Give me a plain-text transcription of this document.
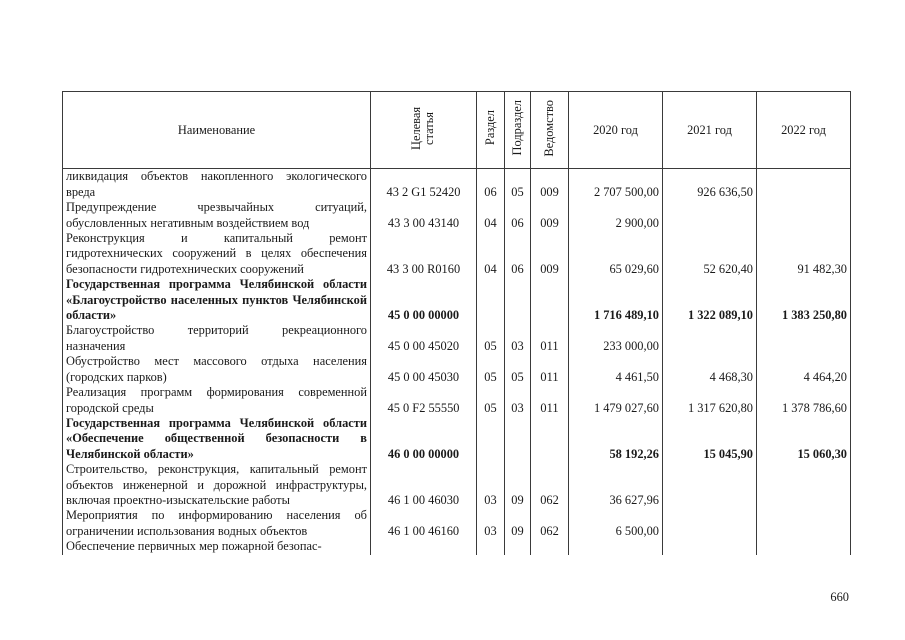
Наименование	Целевая статья	Раздел	Подраздел	Ведомство	2020 год	2021 год	2022 год
ликвидация объектов накопленного экологического вреда	43 2 G1 52420	06	05	009	2 707 500,00	926 636,50	
Предупреждение чрезвычайных ситуаций, обусловленных негативным воздействием вод	43 3 00 43140	04	06	009	2 900,00		
Реконструкция и капитальный ремонт гидротехнических сооружений в целях обеспечения безопасности гидротехнических сооружений	43 3 00 R0160	04	06	009	65 029,60	52 620,40	91 482,30
Государственная программа Челябинской области «Благоустройство населенных пунктов Челябинской области»	45 0 00 00000				1 716 489,10	1 322 089,10	1 383 250,80
Благоустройство территорий рекреационного назначения	45 0 00 45020	05	03	011	233 000,00		
Обустройство мест массового отдыха населения (городских парков)	45 0 00 45030	05	05	011	4 461,50	4 468,30	4 464,20
Реализация программ формирования современной городской среды	45 0 F2 55550	05	03	011	1 479 027,60	1 317 620,80	1 378 786,60
Государственная программа Челябинской области «Обеспечение общественной безопасности в Челябинской области»	46 0 00 00000				58 192,26	15 045,90	15 060,30
Строительство, реконструкция, капитальный ремонт объектов инженерной и дорожной инфраструктуры, включая проектно-изыскательские работы	46 1 00 46030	03	09	062	36 627,96		
Мероприятия по информированию населения об ограничении использования водных объектов	46 1 00 46160	03	09	062	6 500,00		
Обеспечение первичных мер пожарной безопас-							
660
